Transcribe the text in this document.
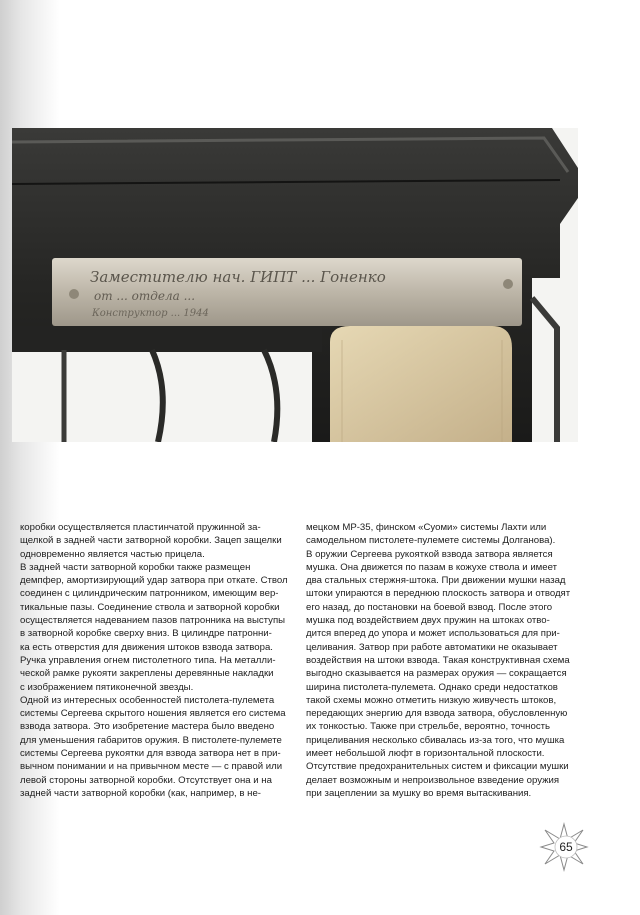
Заместителю нач. ГИПТ ... Гоненко
от ... отдела ...
Конструктор ... 1944

коробки осуществляется пластинчатой пружинной за-
щелкой в задней части затворной коробки. Зацеп защелки
одновременно является частью прицела.
В задней части затворной коробки также размещен
демпфер, амортизирующий удар затвора при откате. Ствол
соединен с цилиндрическим патронником, имеющим вер-
тикальные пазы. Соединение ствола и затворной коробки
осуществляется надеванием пазов патронника на выступы
в затворной коробке сверху вниз. В цилиндре патронни-
ка есть отверстия для движения штоков взвода затвора.
Ручка управления огнем пистолетного типа. На металли-
ческой рамке рукояти закреплены деревянные накладки
с изображением пятиконечной звезды.
Одной из интересных особенностей пистолета-пулемета
системы Сергеева скрытого ношения является его система
взвода затвора. Это изобретение мастера было введено
для уменьшения габаритов оружия. В пистолете-пулемете
системы Сергеева рукоятки для взвода затвора нет в при-
вычном понимании и на привычном месте — с правой или
левой стороны затворной коробки. Отсутствует она и на
задней части затворной коробки (как, например, в не-

мецком МР-35, финском «Суоми» системы Лахти или
самодельном пистолете-пулемете системы Долганова).
В оружии Сергеева рукояткой взвода затвора является
мушка. Она движется по пазам в кожухе ствола и имеет
два стальных стержня-штока. При движении мушки назад
штоки упираются в переднюю плоскость затвора и отводят
его назад, до постановки на боевой взвод. После этого
мушка под воздействием двух пружин на штоках отво-
дится вперед до упора и может использоваться для при-
целивания. Затвор при работе автоматики не оказывает
воздействия на штоки взвода. Такая конструктивная схема
выгодно сказывается на размерах оружия — сокращается
ширина пистолета-пулемета. Однако среди недостатков
такой схемы можно отметить низкую живучесть штоков,
передающих энергию для взвода затвора, обусловленную
их тонкостью. Также при стрельбе, вероятно, точность
прицеливания несколько сбивалась из-за того, что мушка
имеет небольшой люфт в горизонтальной плоскости.
Отсутствие предохранительных систем и фиксации мушки
делает возможным и непроизвольное взведение оружия
при зацеплении за мушку во время вытаскивания.

65
